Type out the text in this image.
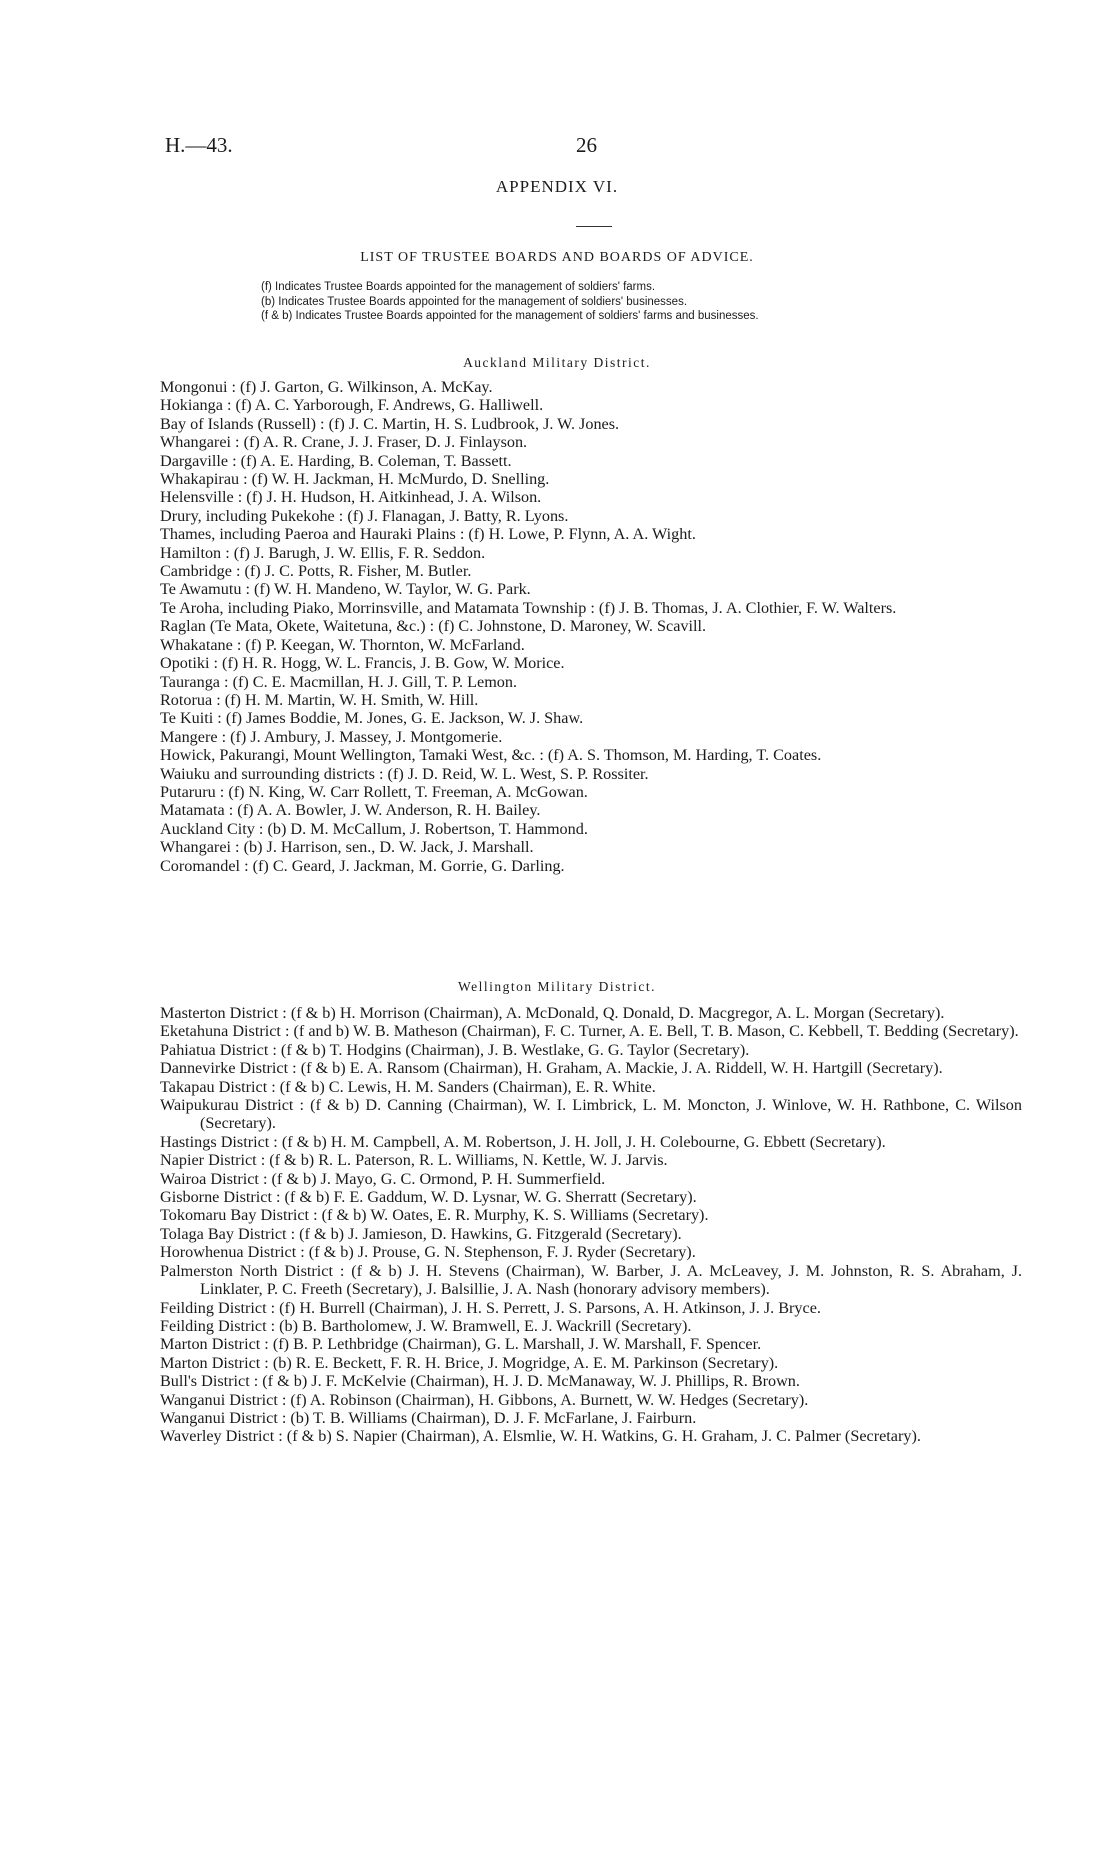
H.—43.	26
APPENDIX VI.
LIST OF TRUSTEE BOARDS AND BOARDS OF ADVICE.
(f) Indicates Trustee Boards appointed for the management of soldiers' farms.
(b) Indicates Trustee Boards appointed for the management of soldiers' businesses.
(f & b) Indicates Trustee Boards appointed for the management of soldiers' farms and businesses.
Auckland Military District.
Mongonui : (f) J. Garton, G. Wilkinson, A. McKay.
Hokianga : (f) A. C. Yarborough, F. Andrews, G. Halliwell.
Bay of Islands (Russell) : (f) J. C. Martin, H. S. Ludbrook, J. W. Jones.
Whangarei : (f) A. R. Crane, J. J. Fraser, D. J. Finlayson.
Dargaville : (f) A. E. Harding, B. Coleman, T. Bassett.
Whakapirau : (f) W. H. Jackman, H. McMurdo, D. Snelling.
Helensville : (f) J. H. Hudson, H. Aitkinhead, J. A. Wilson.
Drury, including Pukekohe : (f) J. Flanagan, J. Batty, R. Lyons.
Thames, including Paeroa and Hauraki Plains : (f) H. Lowe, P. Flynn, A. A. Wight.
Hamilton : (f) J. Barugh, J. W. Ellis, F. R. Seddon.
Cambridge : (f) J. C. Potts, R. Fisher, M. Butler.
Te Awamutu : (f) W. H. Mandeno, W. Taylor, W. G. Park.
Te Aroha, including Piako, Morrinsville, and Matamata Township : (f) J. B. Thomas, J. A. Clothier, F. W. Walters.
Raglan (Te Mata, Okete, Waitetuna, &c.) : (f) C. Johnstone, D. Maroney, W. Scavill.
Whakatane : (f) P. Keegan, W. Thornton, W. McFarland.
Opotiki : (f) H. R. Hogg, W. L. Francis, J. B. Gow, W. Morice.
Tauranga : (f) C. E. Macmillan, H. J. Gill, T. P. Lemon.
Rotorua : (f) H. M. Martin, W. H. Smith, W. Hill.
Te Kuiti : (f) James Boddie, M. Jones, G. E. Jackson, W. J. Shaw.
Mangere : (f) J. Ambury, J. Massey, J. Montgomerie.
Howick, Pakurangi, Mount Wellington, Tamaki West, &c. : (f) A. S. Thomson, M. Harding, T. Coates.
Waiuku and surrounding districts : (f) J. D. Reid, W. L. West, S. P. Rossiter.
Putaruru : (f) N. King, W. Carr Rollett, T. Freeman, A. McGowan.
Matamata : (f) A. A. Bowler, J. W. Anderson, R. H. Bailey.
Auckland City : (b) D. M. McCallum, J. Robertson, T. Hammond.
Whangarei : (b) J. Harrison, sen., D. W. Jack, J. Marshall.
Coromandel : (f) C. Geard, J. Jackman, M. Gorrie, G. Darling.
Wellington Military District.
Masterton District : (f & b) H. Morrison (Chairman), A. McDonald, Q. Donald, D. Macgregor, A. L. Morgan (Secretary).
Eketahuna District : (f and b) W. B. Matheson (Chairman), F. C. Turner, A. E. Bell, T. B. Mason, C. Kebbell, T. Bedding (Secretary).
Pahiatua District : (f & b) T. Hodgins (Chairman), J. B. Westlake, G. G. Taylor (Secretary).
Dannevirke District : (f & b) E. A. Ransom (Chairman), H. Graham, A. Mackie, J. A. Riddell, W. H. Hartgill (Secretary).
Takapau District : (f & b) C. Lewis, H. M. Sanders (Chairman), E. R. White.
Waipukurau District : (f & b) D. Canning (Chairman), W. I. Limbrick, L. M. Moncton, J. Winlove, W. H. Rathbone, C. Wilson (Secretary).
Hastings District : (f & b) H. M. Campbell, A. M. Robertson, J. H. Joll, J. H. Colebourne, G. Ebbett (Secretary).
Napier District : (f & b) R. L. Paterson, R. L. Williams, N. Kettle, W. J. Jarvis.
Wairoa District : (f & b) J. Mayo, G. C. Ormond, P. H. Summerfield.
Gisborne District : (f & b) F. E. Gaddum, W. D. Lysnar, W. G. Sherratt (Secretary).
Tokomaru Bay District : (f & b) W. Oates, E. R. Murphy, K. S. Williams (Secretary).
Tolaga Bay District : (f & b) J. Jamieson, D. Hawkins, G. Fitzgerald (Secretary).
Horowhenua District : (f & b) J. Prouse, G. N. Stephenson, F. J. Ryder (Secretary).
Palmerston North District : (f & b) J. H. Stevens (Chairman), W. Barber, J. A. McLeavey, J. M. Johnston, R. S. Abraham, J. Linklater, P. C. Freeth (Secretary), J. Balsillie, J. A. Nash (honorary advisory members).
Feilding District : (f) H. Burrell (Chairman), J. H. S. Perrett, J. S. Parsons, A. H. Atkinson, J. J. Bryce.
Feilding District : (b) B. Bartholomew, J. W. Bramwell, E. J. Wackrill (Secretary).
Marton District : (f) B. P. Lethbridge (Chairman), G. L. Marshall, J. W. Marshall, F. Spencer.
Marton District : (b) R. E. Beckett, F. R. H. Brice, J. Mogridge, A. E. M. Parkinson (Secretary).
Bull's District : (f & b) J. F. McKelvie (Chairman), H. J. D. McManaway, W. J. Phillips, R. Brown.
Wanganui District : (f) A. Robinson (Chairman), H. Gibbons, A. Burnett, W. W. Hedges (Secretary).
Wanganui District : (b) T. B. Williams (Chairman), D. J. F. McFarlane, J. Fairburn.
Waverley District : (f & b) S. Napier (Chairman), A. Elsmlie, W. H. Watkins, G. H. Graham, J. C. Palmer (Secretary).
